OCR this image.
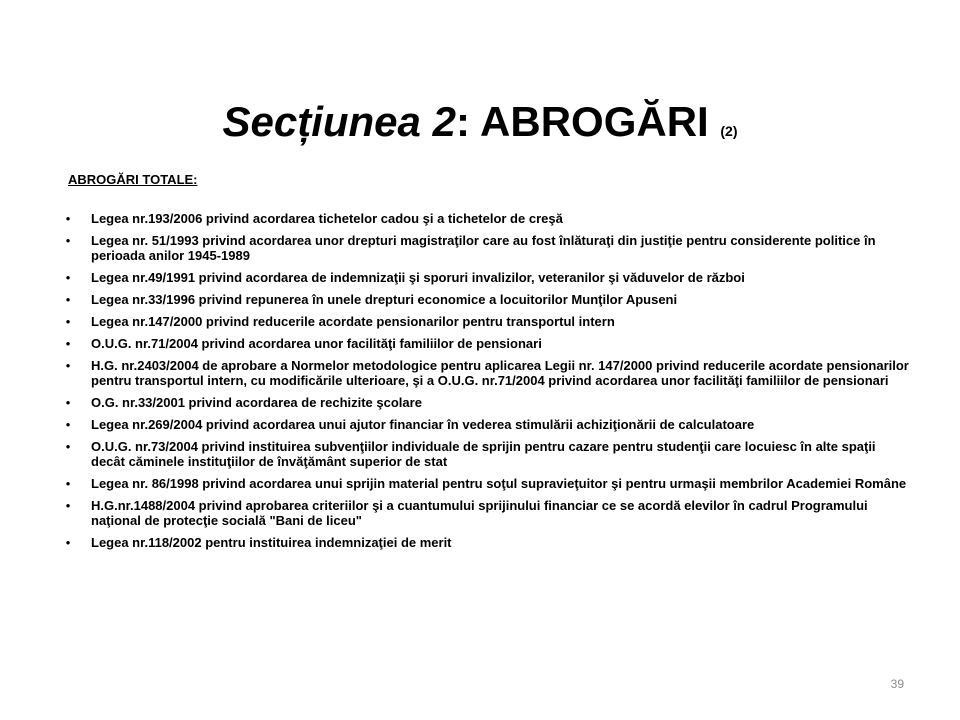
Secțiunea 2: ABROGĂRI (2)
ABROGĂRI TOTALE:
• Legea nr.193/2006 privind acordarea tichetelor cadou şi a tichetelor de creşă
• Legea nr. 51/1993 privind acordarea unor drepturi magistraţilor care au fost înlăturaţi din justiţie pentru considerente politice în perioada anilor 1945-1989
• Legea nr.49/1991 privind acordarea de indemnizaţii şi sporuri invalizilor, veteranilor şi văduvelor de război
• Legea nr.33/1996 privind repunerea în unele drepturi economice a locuitorilor Munţilor Apuseni
• Legea nr.147/2000 privind reducerile acordate pensionarilor pentru transportul intern
• O.U.G. nr.71/2004 privind acordarea unor facilităţi familiilor de pensionari
• H.G. nr.2403/2004 de aprobare a Normelor metodologice pentru aplicarea Legii nr. 147/2000 privind reducerile acordate pensionarilor pentru transportul intern, cu modificările ulterioare, şi a O.U.G. nr.71/2004 privind acordarea unor facilităţi familiilor de pensionari
• O.G. nr.33/2001 privind acordarea de rechizite şcolare
• Legea nr.269/2004 privind acordarea unui ajutor financiar în vederea stimulării achiziţionării de calculatoare
• O.U.G. nr.73/2004 privind instituirea subvenţiilor individuale de sprijin pentru cazare pentru studenţii care locuiesc în alte spaţii decât căminele instituţiilor de învăţământ superior de stat
• Legea nr. 86/1998 privind acordarea unui sprijin material pentru soţul supravieţuitor şi pentru urmaşii membrilor Academiei Române
• H.G.nr.1488/2004 privind aprobarea criteriilor şi a cuantumului sprijinului financiar ce se acordă elevilor în cadrul Programului naţional de protecţie socială "Bani de liceu"
• Legea nr.118/2002 pentru instituirea indemnizaţiei de merit
39
